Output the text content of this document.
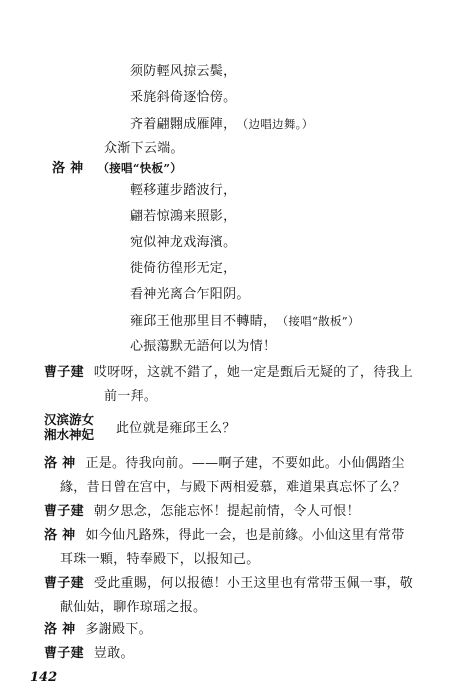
须防輕风掠云鬓，
釆旄斜倚逐恰傍。
齐着翩翾成雁陣， （边唱边舞。）
众渐下云端。
洛 神 （接唱“快板”）
輕移蓮步踏波行，
翩若惊鴻来照影，
宛似神龙戏海濱。
徙倚彷徨形无定，
看神光离合乍阳阴。
雍邱王他那里目不轉睛， （接唱“散板”）
心振蕩默无語何以为情！
曹子建 哎呀呀，这就不錯了，她一定是甄后无疑的了，待我上
前一拜。
汉滨游女
湘水神妃 此位就是雍邱王么？
洛 神 正是。待我向前。——啊子建，不要如此。小仙偶踏尘
緣，昔日曾在宫中，与殿下两相爱慕，难道果真忘怀了么？
曹子建 朝夕思念，怎能忘怀！提起前情，令人可恨！
洛 神 如今仙凡路殊，得此一会，也是前緣。小仙这里有常带
耳珠一顆，特奉殿下，以报知己。
曹子建 受此重賜，何以报德！小王这里也有常带玉佩一事，敬
献仙姑，聊作琼瑶之报。
洛 神 多謝殿下。
曹子建 豈敢。
142
